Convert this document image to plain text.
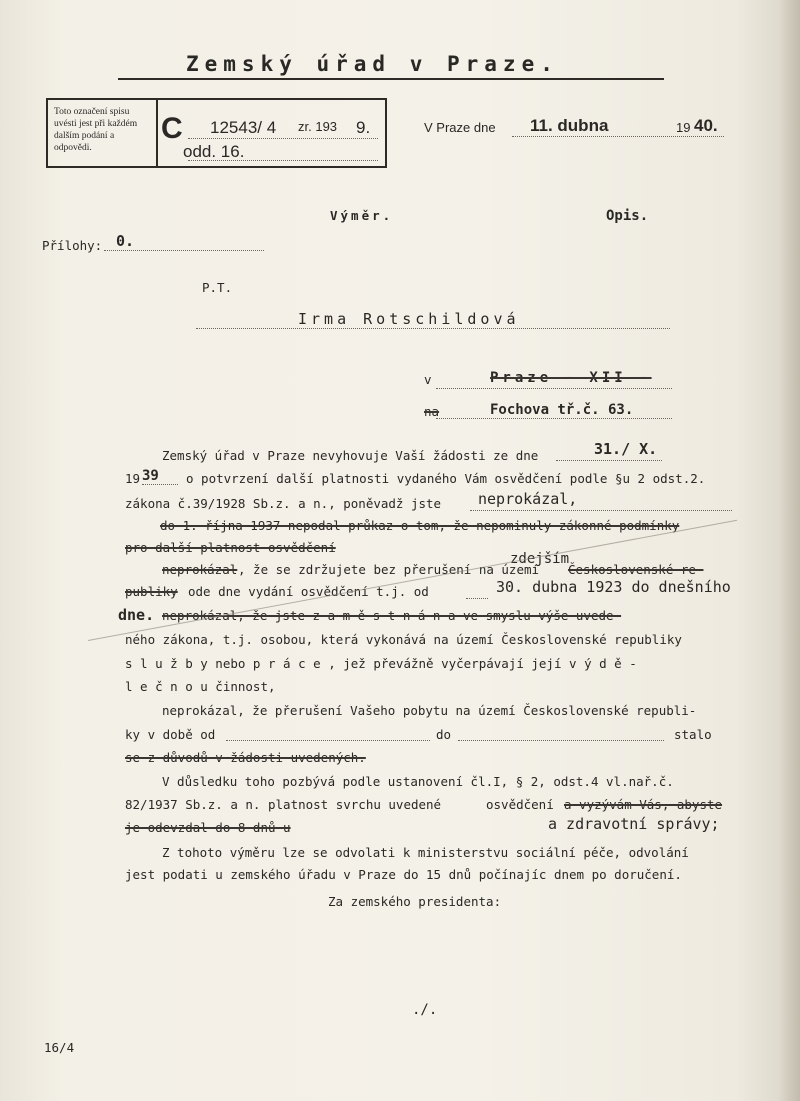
Zemský úřad v Praze.
Toto označení spisu uvésti jest při každém dalším podání a odpovědi.
C 12543/ 4 zr. 193 9.
odd. 16.
V Praze dne 11. dubna	19 40.
Výměr.	Opis.
Přílohy: 0.
P.T.
Irma Rotschildová
v	Praze - XII -
na	Fochova tř.č. 63.
Zemský úřad v Praze nevyhovuje Vaší žádosti ze dne	31./ X.
19 39 o potvrzení další platnosti vydaného Vám osvědčení podle §u 2 odst.2.
zákona č.39/1928 Sb.z. a n., poněvadž jste neprokázal,
do 1. října 1937 nepodal průkaz o tom, že nepominuly zákonné podmínky
pro další platnost osvědčení
neprokázal , že se zdržujete bez přerušení na území
zdejším
Československé re-
publiky ode dne vydání osvědčení t.j. od	30. dubna 1923 do dnešního
dne. neprokázal, že jste z a m ě s t n á n a ve smyslu výše uvede-
ného zákona, t.j. osobou, která vykonává na území Československé republiky
s l u ž b y nebo p r á c e , jež převážně vyčerpávají její v ý d ě -
l e č n o u činnost,
neprokázal, že přerušení Vašeho pobytu na území Československé republi-
ky v době od	do	stalo
se z důvodů v žádosti uvedených.
V důsledku toho pozbývá podle ustanovení čl.I, § 2, odst.4 vl.nař.č.
82/1937 Sb.z. a n. platnost svrchu uvedené	osvědčení a vyzývám Vás, abyste
je odevzdal do 8 dnů u	a zdravotní správy;
Z tohoto výměru lze se odvolati k ministerstvu sociální péče, odvolání
jest podati u zemského úřadu v Praze do 15 dnů počínajíc dnem po doručení.
Za zemského presidenta:
./.
16/4
